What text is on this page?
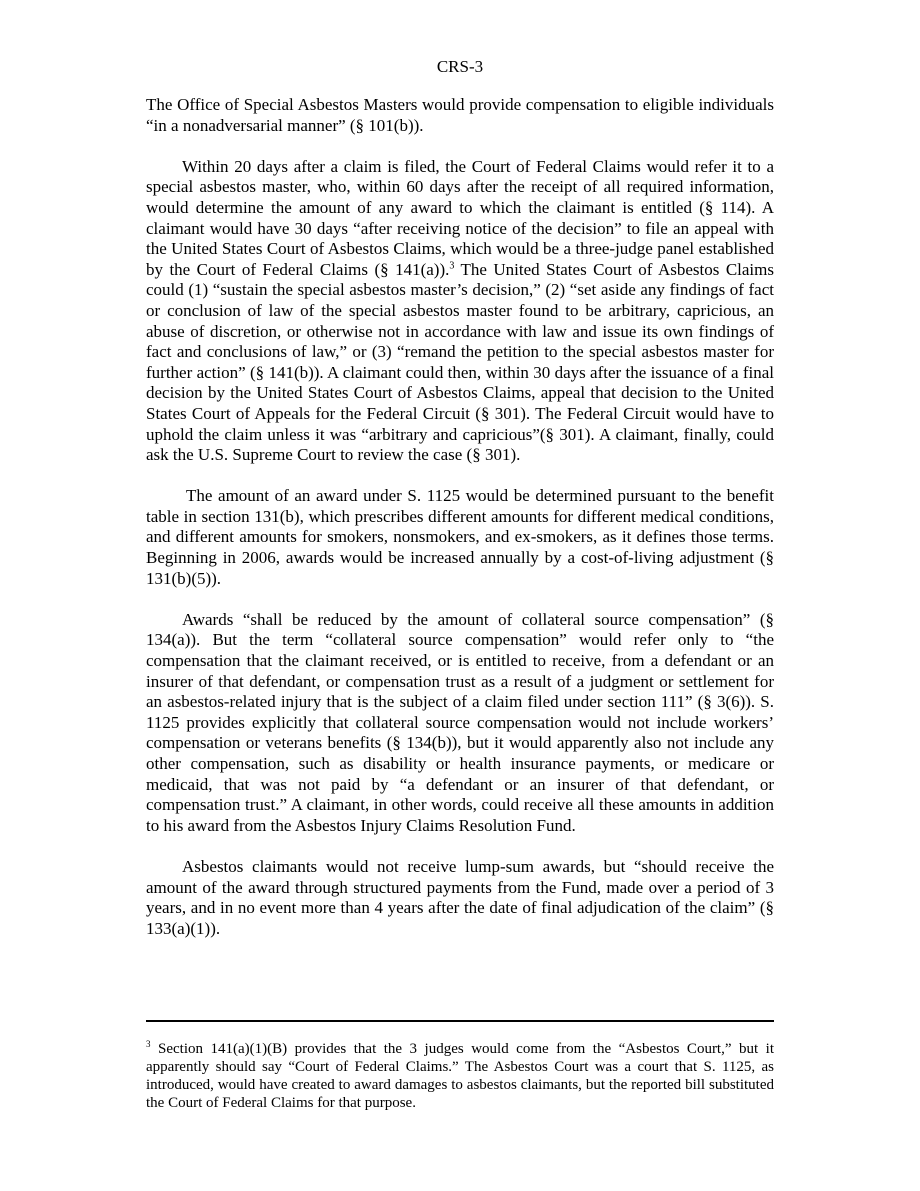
CRS-3

The Office of Special Asbestos Masters would provide compensation to eligible individuals “in a nonadversarial manner” (§ 101(b)).

Within 20 days after a claim is filed, the Court of Federal Claims would refer it to a special asbestos master, who, within 60 days after the receipt of all required information, would determine the amount of any award to which the claimant is entitled (§ 114). A claimant would have 30 days “after receiving notice of the decision” to file an appeal with the United States Court of Asbestos Claims, which would be a three-judge panel established by the Court of Federal Claims (§ 141(a)).$^3$ The United States Court of Asbestos Claims could (1) “sustain the special asbestos master’s decision,” (2) “set aside any findings of fact or conclusion of law of the special asbestos master found to be arbitrary, capricious, an abuse of discretion, or otherwise not in accordance with law and issue its own findings of fact and conclusions of law,” or (3) “remand the petition to the special asbestos master for further action” (§ 141(b)). A claimant could then, within 30 days after the issuance of a final decision by the United States Court of Asbestos Claims, appeal that decision to the United States Court of Appeals for the Federal Circuit (§ 301). The Federal Circuit would have to uphold the claim unless it was “arbitrary and capricious”(§ 301). A claimant, finally, could ask the U.S. Supreme Court to review the case (§ 301).

The amount of an award under S. 1125 would be determined pursuant to the benefit table in section 131(b), which prescribes different amounts for different medical conditions, and different amounts for smokers, nonsmokers, and ex-smokers, as it defines those terms. Beginning in 2006, awards would be increased annually by a cost-of-living adjustment (§ 131(b)(5)).

Awards “shall be reduced by the amount of collateral source compensation” (§ 134(a)). But the term “collateral source compensation” would refer only to “the compensation that the claimant received, or is entitled to receive, from a defendant or an insurer of that defendant, or compensation trust as a result of a judgment or settlement for an asbestos-related injury that is the subject of a claim filed under section 111” (§ 3(6)). S. 1125 provides explicitly that collateral source compensation would not include workers’ compensation or veterans benefits (§ 134(b)), but it would apparently also not include any other compensation, such as disability or health insurance payments, or medicare or medicaid, that was not paid by “a defendant or an insurer of that defendant, or compensation trust.” A claimant, in other words, could receive all these amounts in addition to his award from the Asbestos Injury Claims Resolution Fund.

Asbestos claimants would not receive lump-sum awards, but “should receive the amount of the award through structured payments from the Fund, made over a period of 3 years, and in no event more than 4 years after the date of final adjudication of the claim” (§ 133(a)(1)).

$^3$ Section 141(a)(1)(B) provides that the 3 judges would come from the “Asbestos Court,” but it apparently should say “Court of Federal Claims.” The Asbestos Court was a court that S. 1125, as introduced, would have created to award damages to asbestos claimants, but the reported bill substituted the Court of Federal Claims for that purpose.
